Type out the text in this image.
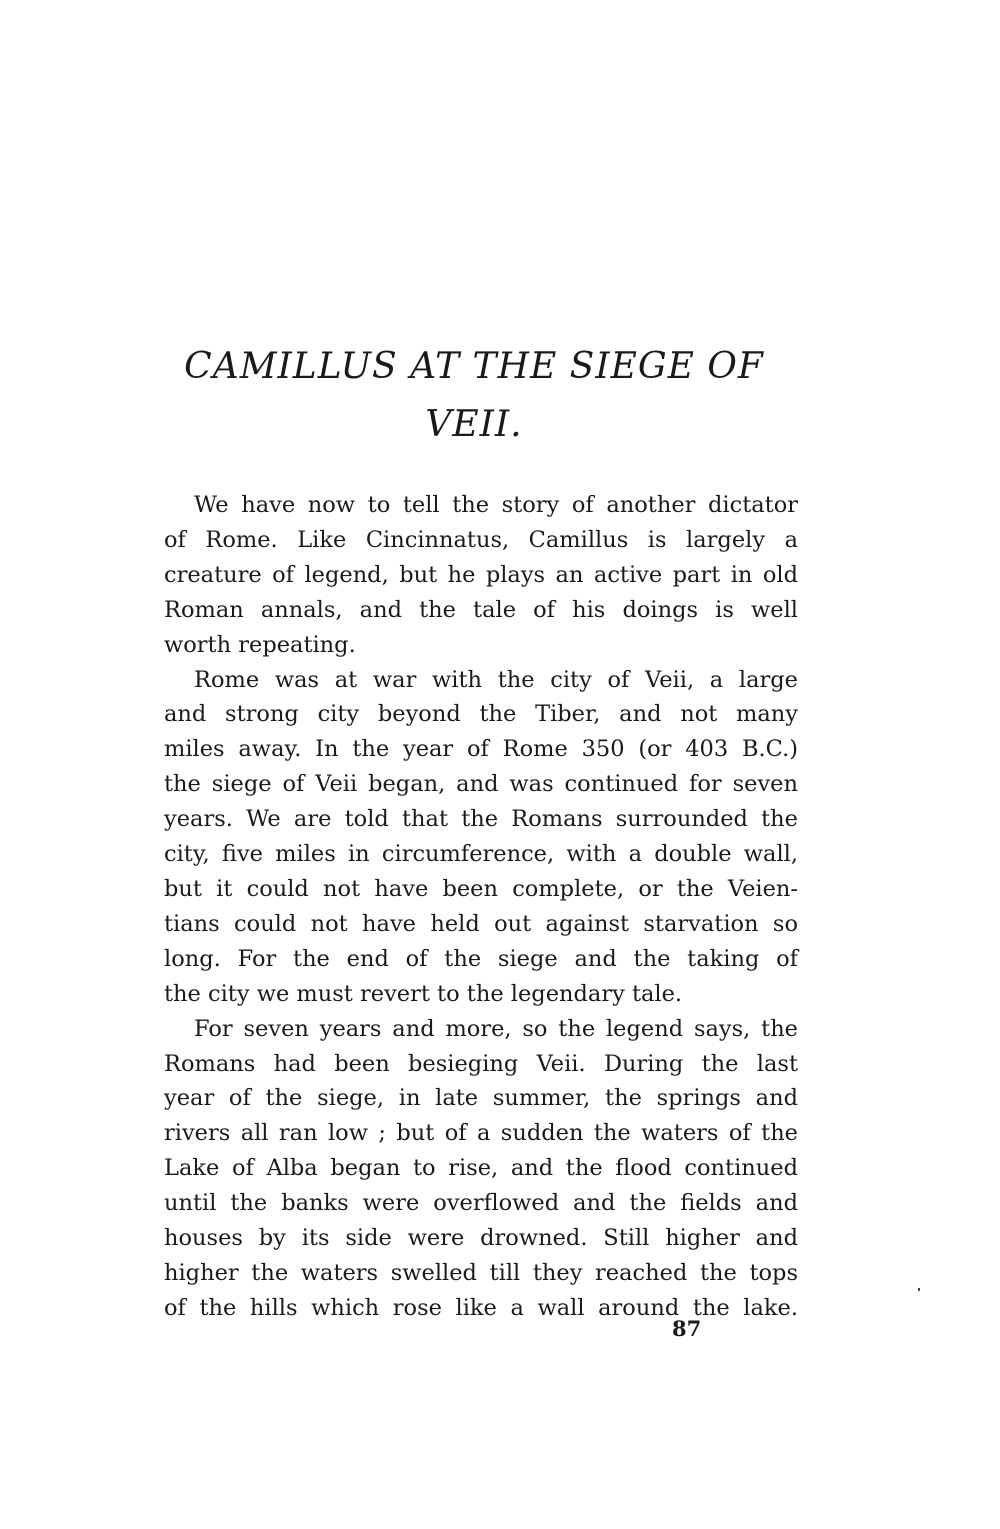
CAMILLUS AT THE SIEGE OF
VEII.
We have now to tell the story of another dictator
of Rome. Like Cincinnatus, Camillus is largely a
creature of legend, but he plays an active part in old
Roman annals, and the tale of his doings is well
worth repeating.
Rome was at war with the city of Veii, a large
and strong city beyond the Tiber, and not many
miles away. In the year of Rome 350 (or 403 B.C.)
the siege of Veii began, and was continued for seven
years. We are told that the Romans surrounded the
city, five miles in circumference, with a double wall,
but it could not have been complete, or the Veien-
tians could not have held out against starvation so
long. For the end of the siege and the taking of
the city we must revert to the legendary tale.
For seven years and more, so the legend says, the
Romans had been besieging Veii. During the last
year of the siege, in late summer, the springs and
rivers all ran low ; but of a sudden the waters of the
Lake of Alba began to rise, and the flood continued
until the banks were overflowed and the fields and
houses by its side were drowned. Still higher and
higher the waters swelled till they reached the tops
of the hills which rose like a wall around the lake.
87
